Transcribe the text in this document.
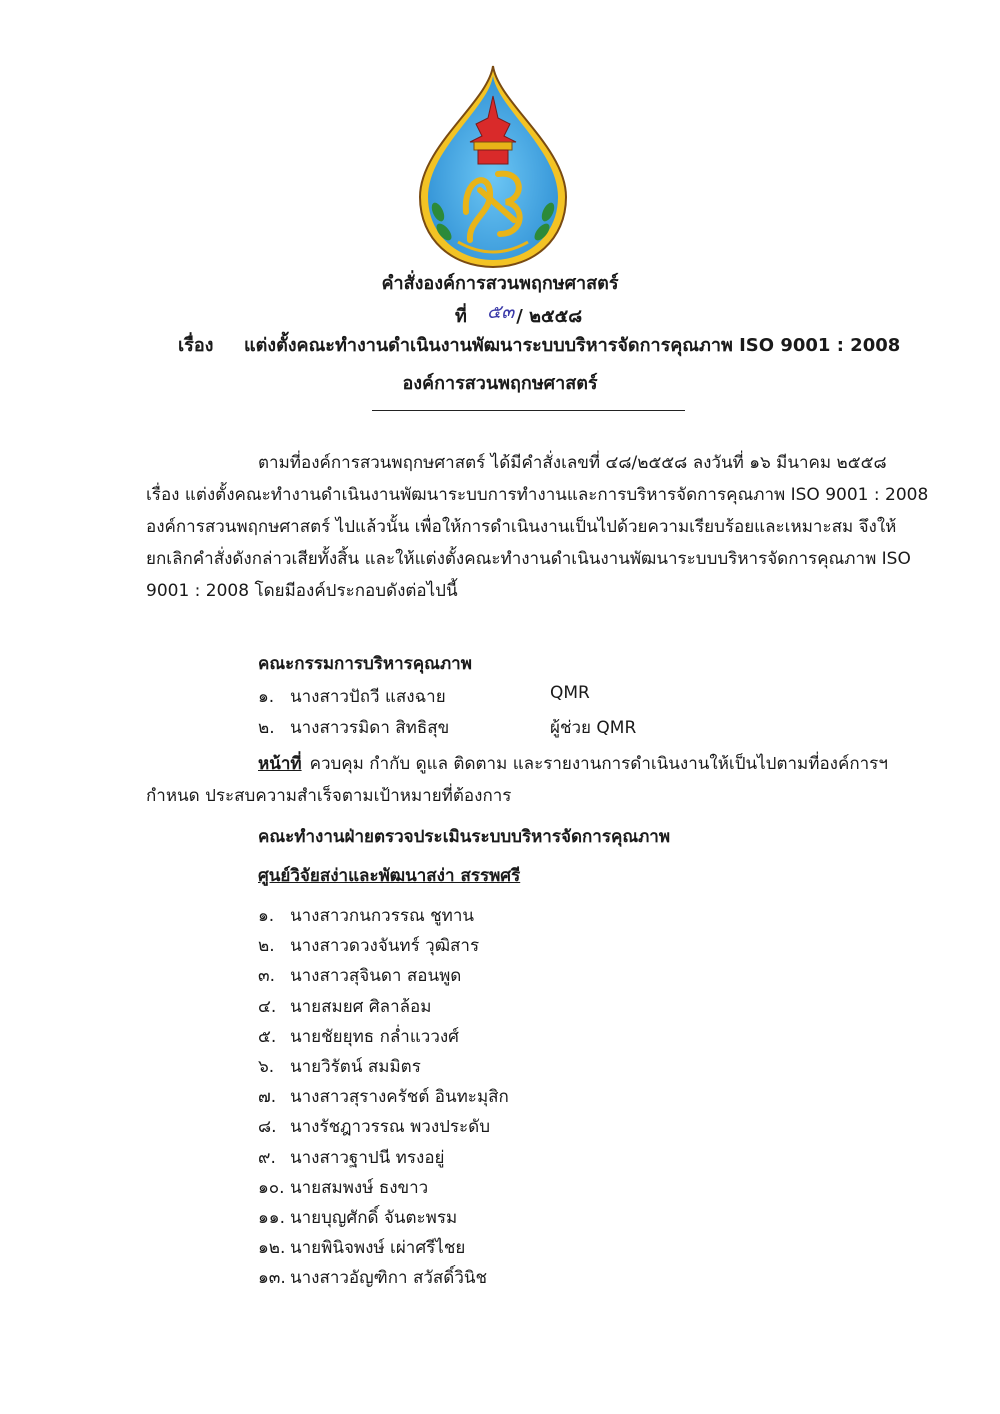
คำสั่งองค์การสวนพฤกษศาสตร์
ที่ ๕๓ / ๒๕๕๘
เรื่อง แต่งตั้งคณะทำงานดำเนินงานพัฒนาระบบบริหารจัดการคุณภาพ ISO 9001 : 2008
องค์การสวนพฤกษศาสตร์
ตามที่องค์การสวนพฤกษศาสตร์ ได้มีคำสั่งเลขที่ ๔๘/๒๕๕๘ ลงวันที่ ๑๖ มีนาคม ๒๕๕๘
เรื่อง แต่งตั้งคณะทำงานดำเนินงานพัฒนาระบบการทำงานและการบริหารจัดการคุณภาพ ISO 9001 : 2008
องค์การสวนพฤกษศาสตร์ ไปแล้วนั้น เพื่อให้การดำเนินงานเป็นไปด้วยความเรียบร้อยและเหมาะสม จึงให้
ยกเลิกคำสั่งดังกล่าวเสียทั้งสิ้น และให้แต่งตั้งคณะทำงานดำเนินงานพัฒนาระบบบริหารจัดการคุณภาพ ISO
9001 : 2008 โดยมีองค์ประกอบดังต่อไปนี้
คณะกรรมการบริหารคุณภาพ
๑. นางสาวปัถวี แสงฉาย	QMR
๒. นางสาวรมิดา สิทธิสุข	ผู้ช่วย QMR
หน้าที่ ควบคุม กำกับ ดูแล ติดตาม และรายงานการดำเนินงานให้เป็นไปตามที่องค์การฯ
กำหนด ประสบความสำเร็จตามเป้าหมายที่ต้องการ
คณะทำงานฝ่ายตรวจประเมินระบบบริหารจัดการคุณภาพ
ศูนย์วิจัยสง่าและพัฒนาสง่า สรรพศรี
๑. นางสาวกนกวรรณ ชูทาน
๒. นางสาวดวงจันทร์ วุฒิสาร
๓. นางสาวสุจินดา สอนพูด
๔. นายสมยศ ศิลาล้อม
๕. นายชัยยุทธ กล่ำแววงศ์
๖. นายวิรัตน์ สมมิตร
๗. นางสาวสุรางครัชต์ อินทะมุสิก
๘. นางรัชฎาวรรณ พวงประดับ
๙. นางสาวฐาปนี ทรงอยู่
๑๐. นายสมพงษ์ ธงขาว
๑๑. นายบุญศักดิ์ จันตะพรม
๑๒. นายพินิจพงษ์ เผ่าศรีไชย
๑๓. นางสาวอัญฑิกา สวัสดิ์วินิช
